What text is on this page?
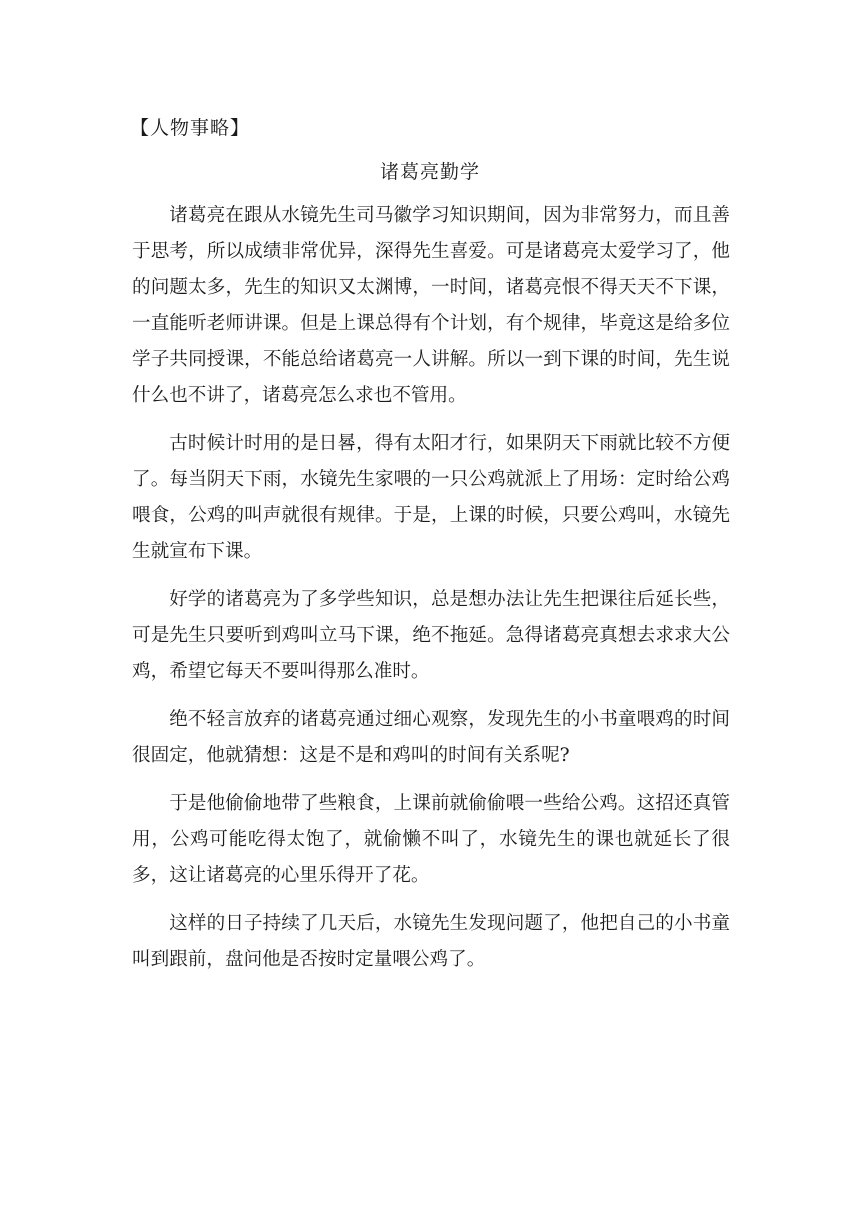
【人物事略】
诸葛亮勤学

诸葛亮在跟从水镜先生司马徽学习知识期间，因为非常努力，而且善于思考，所以成绩非常优异，深得先生喜爱。可是诸葛亮太爱学习了，他的问题太多，先生的知识又太渊博，一时间，诸葛亮恨不得天天不下课，一直能听老师讲课。但是上课总得有个计划，有个规律，毕竟这是给多位学子共同授课，不能总给诸葛亮一人讲解。所以一到下课的时间，先生说什么也不讲了，诸葛亮怎么求也不管用。

古时候计时用的是日晷，得有太阳才行，如果阴天下雨就比较不方便了。每当阴天下雨，水镜先生家喂的一只公鸡就派上了用场：定时给公鸡喂食，公鸡的叫声就很有规律。于是，上课的时候，只要公鸡叫，水镜先生就宣布下课。

好学的诸葛亮为了多学些知识，总是想办法让先生把课往后延长些，可是先生只要听到鸡叫立马下课，绝不拖延。急得诸葛亮真想去求求大公鸡，希望它每天不要叫得那么准时。

绝不轻言放弃的诸葛亮通过细心观察，发现先生的小书童喂鸡的时间很固定，他就猜想：这是不是和鸡叫的时间有关系呢?

于是他偷偷地带了些粮食，上课前就偷偷喂一些给公鸡。这招还真管用，公鸡可能吃得太饱了，就偷懒不叫了，水镜先生的课也就延长了很多，这让诸葛亮的心里乐得开了花。

这样的日子持续了几天后，水镜先生发现问题了，他把自己的小书童叫到跟前，盘问他是否按时定量喂公鸡了。
